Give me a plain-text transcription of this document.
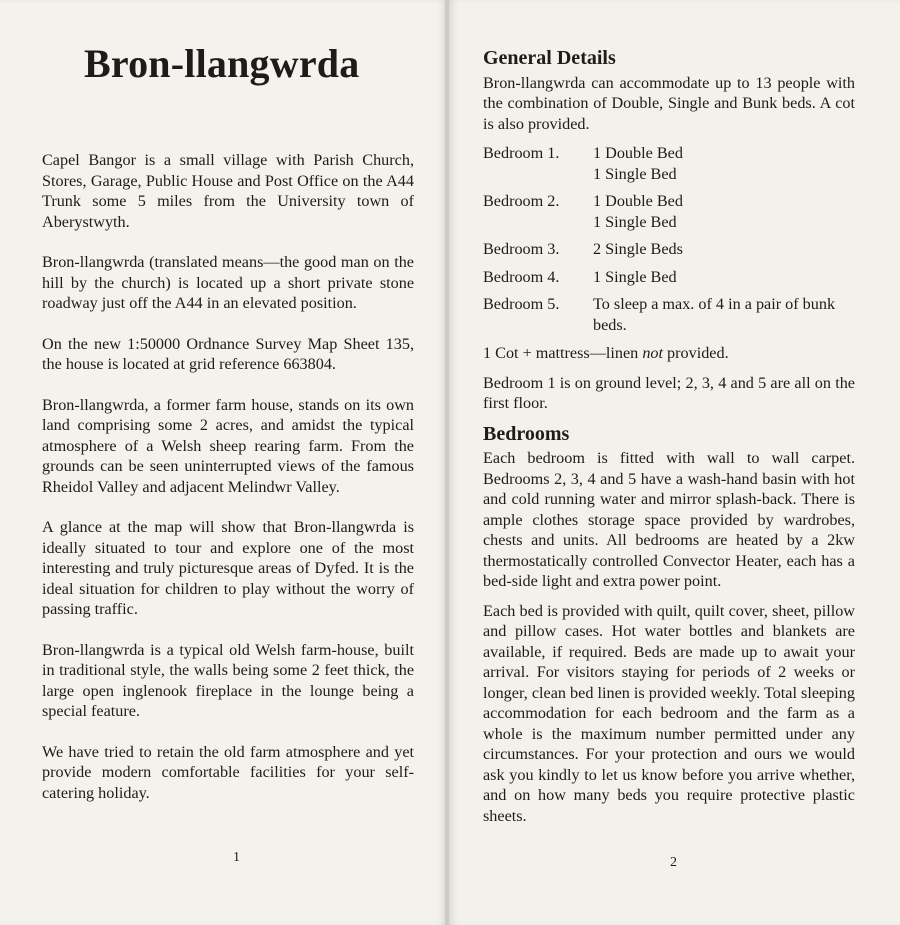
Bron-llangwrda

Capel Bangor is a small village with Parish Church, Stores, Garage, Public House and Post Office on the A44 Trunk some 5 miles from the University town of Aberystwyth.

Bron-llangwrda (translated means—the good man on the hill by the church) is located up a short private stone roadway just off the A44 in an elevated position.

On the new 1:50000 Ordnance Survey Map Sheet 135, the house is located at grid reference 663804.

Bron-llangwrda, a former farm house, stands on its own land comprising some 2 acres, and amidst the typical atmosphere of a Welsh sheep rearing farm. From the grounds can be seen uninterrupted views of the famous Rheidol Valley and adjacent Melindwr Valley.

A glance at the map will show that Bron-llangwrda is ideally situated to tour and explore one of the most interesting and truly picturesque areas of Dyfed. It is the ideal situation for children to play without the worry of passing traffic.

Bron-llangwrda is a typical old Welsh farm-house, built in traditional style, the walls being some 2 feet thick, the large open inglenook fireplace in the lounge being a special feature.

We have tried to retain the old farm atmosphere and yet provide modern comfortable facilities for your self-catering holiday.

1
General Details

Bron-llangwrda can accommodate up to 13 people with the combination of Double, Single and Bunk beds. A cot is also provided.

Bedroom 1.	1 Double Bed
1 Single Bed
Bedroom 2.	1 Double Bed
1 Single Bed
Bedroom 3.	2 Single Beds
Bedroom 4.	1 Single Bed
Bedroom 5.	To sleep a max. of 4 in a pair of bunk beds.

1 Cot + mattress—linen not provided.

Bedroom 1 is on ground level; 2, 3, 4 and 5 are all on the first floor.

Bedrooms

Each bedroom is fitted with wall to wall carpet. Bedrooms 2, 3, 4 and 5 have a wash-hand basin with hot and cold running water and mirror splash-back. There is ample clothes storage space provided by wardrobes, chests and units. All bedrooms are heated by a 2kw thermostatically controlled Convector Heater, each has a bed-side light and extra power point.

Each bed is provided with quilt, quilt cover, sheet, pillow and pillow cases. Hot water bottles and blankets are available, if required. Beds are made up to await your arrival. For visitors staying for periods of 2 weeks or longer, clean bed linen is provided weekly. Total sleeping accommodation for each bedroom and the farm as a whole is the maximum number permitted under any circumstances. For your protection and ours we would ask you kindly to let us know before you arrive whether, and on how many beds you require protective plastic sheets.

2
